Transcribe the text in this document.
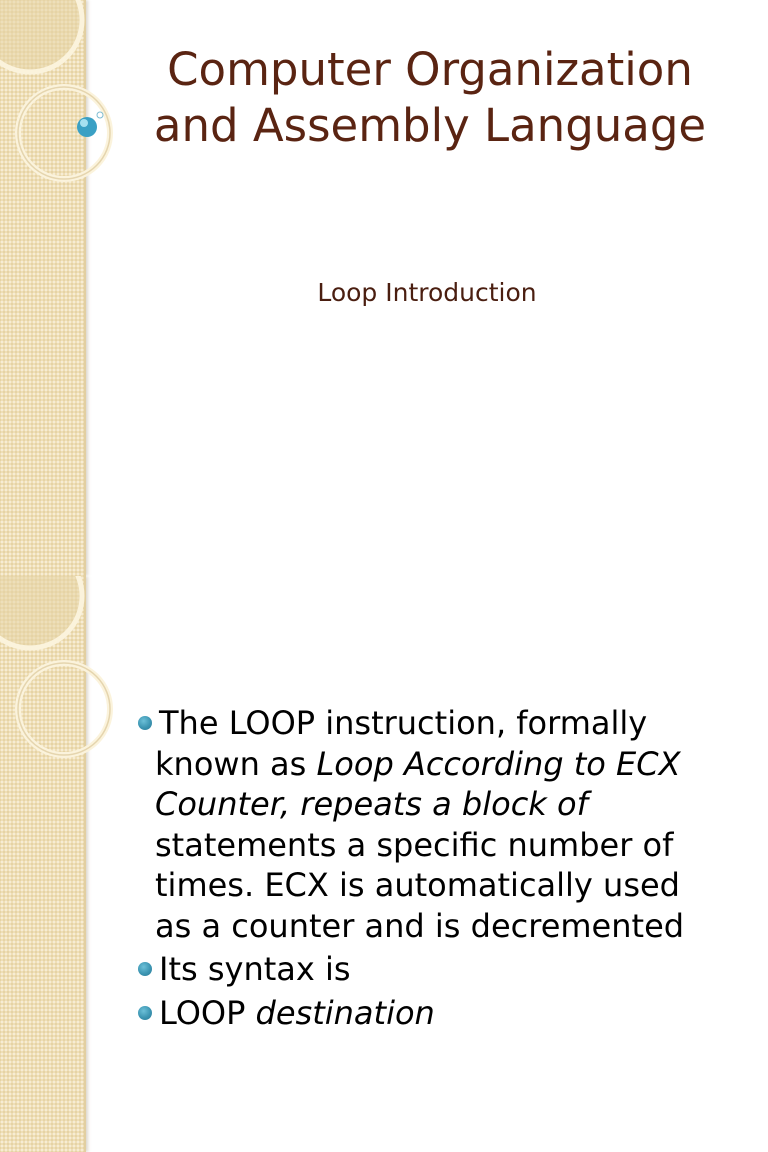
Computer Organization
and Assembly Language
Loop Introduction
The LOOP instruction, formally
known as Loop According to ECX
Counter, repeats a block of
statements a specific number of
times. ECX is automatically used
as a counter and is decremented
Its syntax is
LOOP destination
